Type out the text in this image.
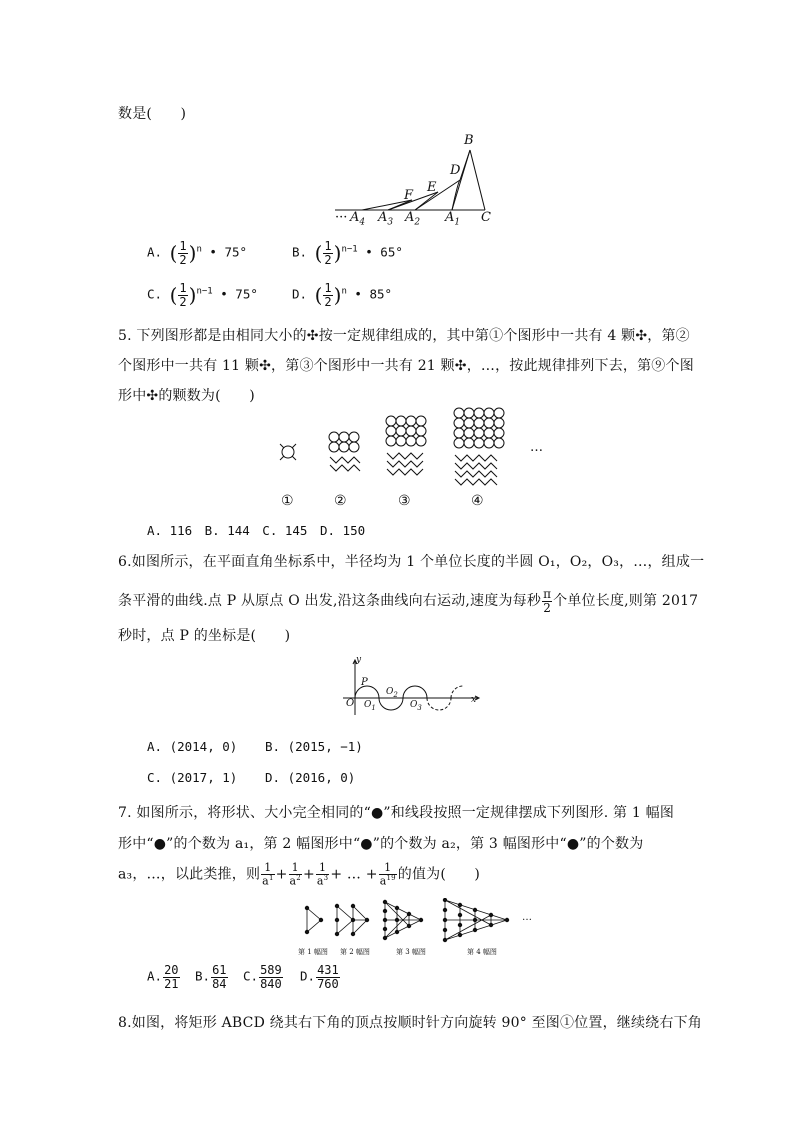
数是(　　)
B
D
E
F
C
··· $A_4$ $A_3$ $A_2$ $A_1$
A. ( $\frac{1}{2} )^n$ • 75°	B. ( $\frac{1}{2} )^{n-1}$ • 65°
C. ( $\frac{1}{2} )^{n-1}$ • 75°	D. ( $\frac{1}{2} )^n$ • 85°
5. 下列图形都是由相同大小的✣按一定规律组成的，其中第①个图形中一共有 4 颗✣，第②
个图形中一共有 11 颗✣，第③个图形中一共有 21 颗✣，…，按此规律排列下去，第⑨个图
形中✣的颗数为(　　)
…
①	②	③	④
A. 116　B. 144　C. 145　D. 150
6.如图所示，在平面直角坐标系中，半径均为 1 个单位长度的半圆 O₁，O₂，O₃，…，组成一
条平滑的曲线.点 P 从原点 O 出发,沿这条曲线向右运动,速度为每秒 $\frac{\pi}{2}$ 个单位长度,则第 2017
秒时，点 P 的坐标是(　　)
y
x
O
P
$O_1$
$O_2$
$O_3$
A. (2014, 0) B. (2015, −1)
C. (2017, 1) D. (2016, 0)
7. 如图所示，将形状、大小完全相同的“●”和线段按照一定规律摆成下列图形. 第 1 幅图
形中“●”的个数为 a₁，第 2 幅图形中“●”的个数为 a₂，第 3 幅图形中“●”的个数为
a₃，…，以此类推，则 $\frac{1}{a^1} + \frac{1}{a^2} + \frac{1}{a^3}$ + … + $\frac{1}{a^{19}}$ 的值为(　　)
…
第 1 幅图 第 2 幅图	第 3 幅图	第 4 幅图
A. $\frac{20}{21} B$. $\frac{61}{84} C$. $\frac{589}{840} D$. $\frac{431}{760}$
8.如图，将矩形 ABCD 绕其右下角的顶点按顺时针方向旋转 90° 至图①位置，继续绕右下角
